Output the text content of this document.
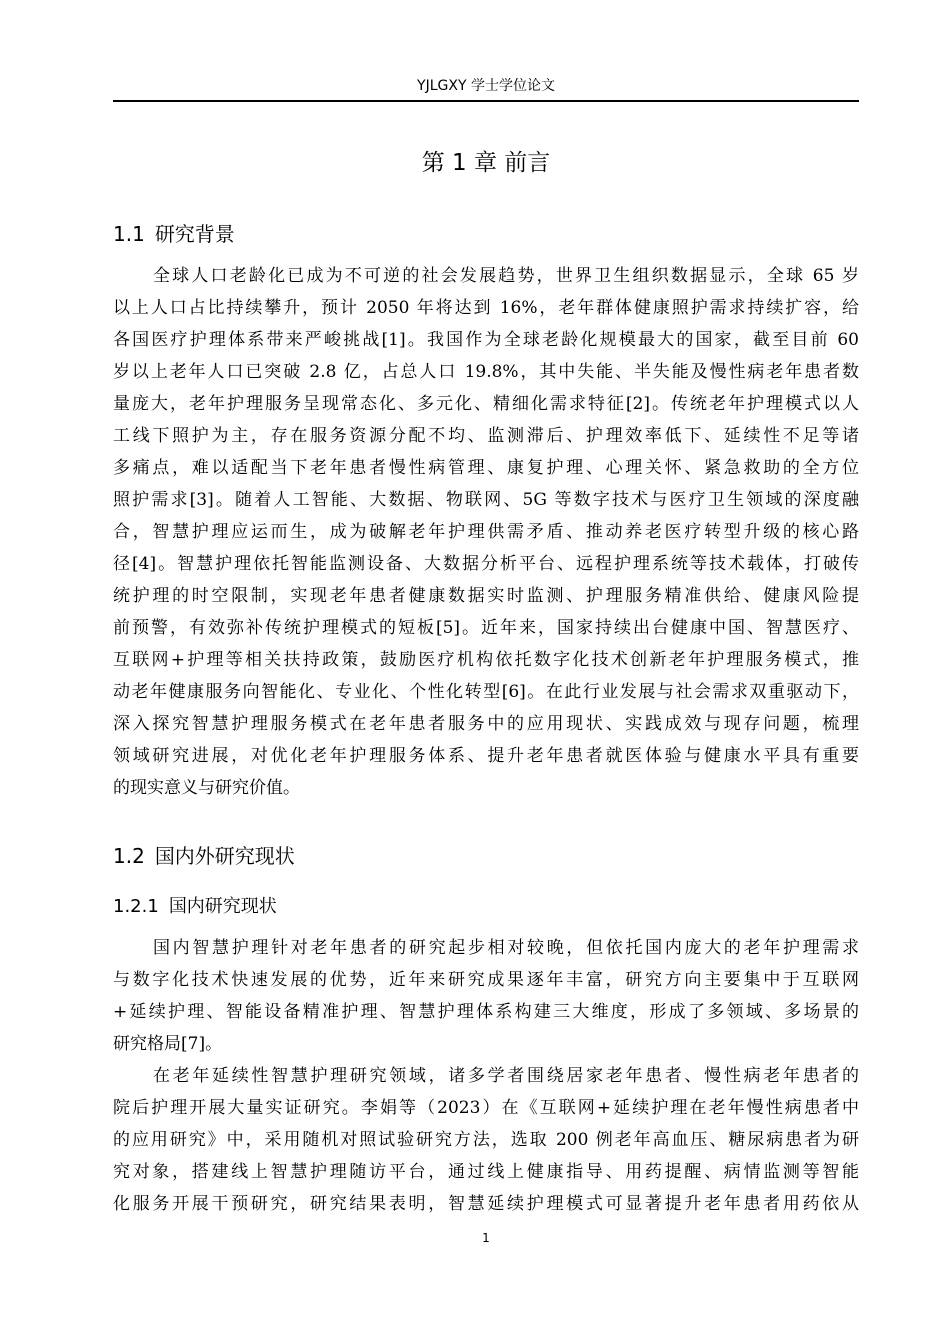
YJLGXY 学士学位论文
第 1 章 前言
1.1 研究背景
全球人口老龄化已成为不可逆的社会发展趋势，世界卫生组织数据显示，全球 65 岁
以上人口占比持续攀升，预计 2050 年将达到 16%，老年群体健康照护需求持续扩容，给
各国医疗护理体系带来严峻挑战[1]。我国作为全球老龄化规模最大的国家，截至目前 60
岁以上老年人口已突破 2.8 亿，占总人口 19.8%，其中失能、半失能及慢性病老年患者数
量庞大，老年护理服务呈现常态化、多元化、精细化需求特征[2]。传统老年护理模式以人
工线下照护为主，存在服务资源分配不均、监测滞后、护理效率低下、延续性不足等诸
多痛点，难以适配当下老年患者慢性病管理、康复护理、心理关怀、紧急救助的全方位
照护需求[3]。随着人工智能、大数据、物联网、5G 等数字技术与医疗卫生领域的深度融
合，智慧护理应运而生，成为破解老年护理供需矛盾、推动养老医疗转型升级的核心路
径[4]。智慧护理依托智能监测设备、大数据分析平台、远程护理系统等技术载体，打破传
统护理的时空限制，实现老年患者健康数据实时监测、护理服务精准供给、健康风险提
前预警，有效弥补传统护理模式的短板[5]。近年来，国家持续出台健康中国、智慧医疗、
互联网+护理等相关扶持政策，鼓励医疗机构依托数字化技术创新老年护理服务模式，推
动老年健康服务向智能化、专业化、个性化转型[6]。在此行业发展与社会需求双重驱动下，
深入探究智慧护理服务模式在老年患者服务中的应用现状、实践成效与现存问题，梳理
领域研究进展，对优化老年护理服务体系、提升老年患者就医体验与健康水平具有重要
的现实意义与研究价值。
1.2 国内外研究现状
1.2.1 国内研究现状
国内智慧护理针对老年患者的研究起步相对较晚，但依托国内庞大的老年护理需求
与数字化技术快速发展的优势，近年来研究成果逐年丰富，研究方向主要集中于互联网
+延续护理、智能设备精准护理、智慧护理体系构建三大维度，形成了多领域、多场景的
研究格局[7]。
在老年延续性智慧护理研究领域，诸多学者围绕居家老年患者、慢性病老年患者的
院后护理开展大量实证研究。李娟等（2023）在《互联网+延续护理在老年慢性病患者中
的应用研究》中，采用随机对照试验研究方法，选取 200 例老年高血压、糖尿病患者为研
究对象，搭建线上智慧护理随访平台，通过线上健康指导、用药提醒、病情监测等智能
化服务开展干预研究，研究结果表明，智慧延续护理模式可显著提升老年患者用药依从
1
